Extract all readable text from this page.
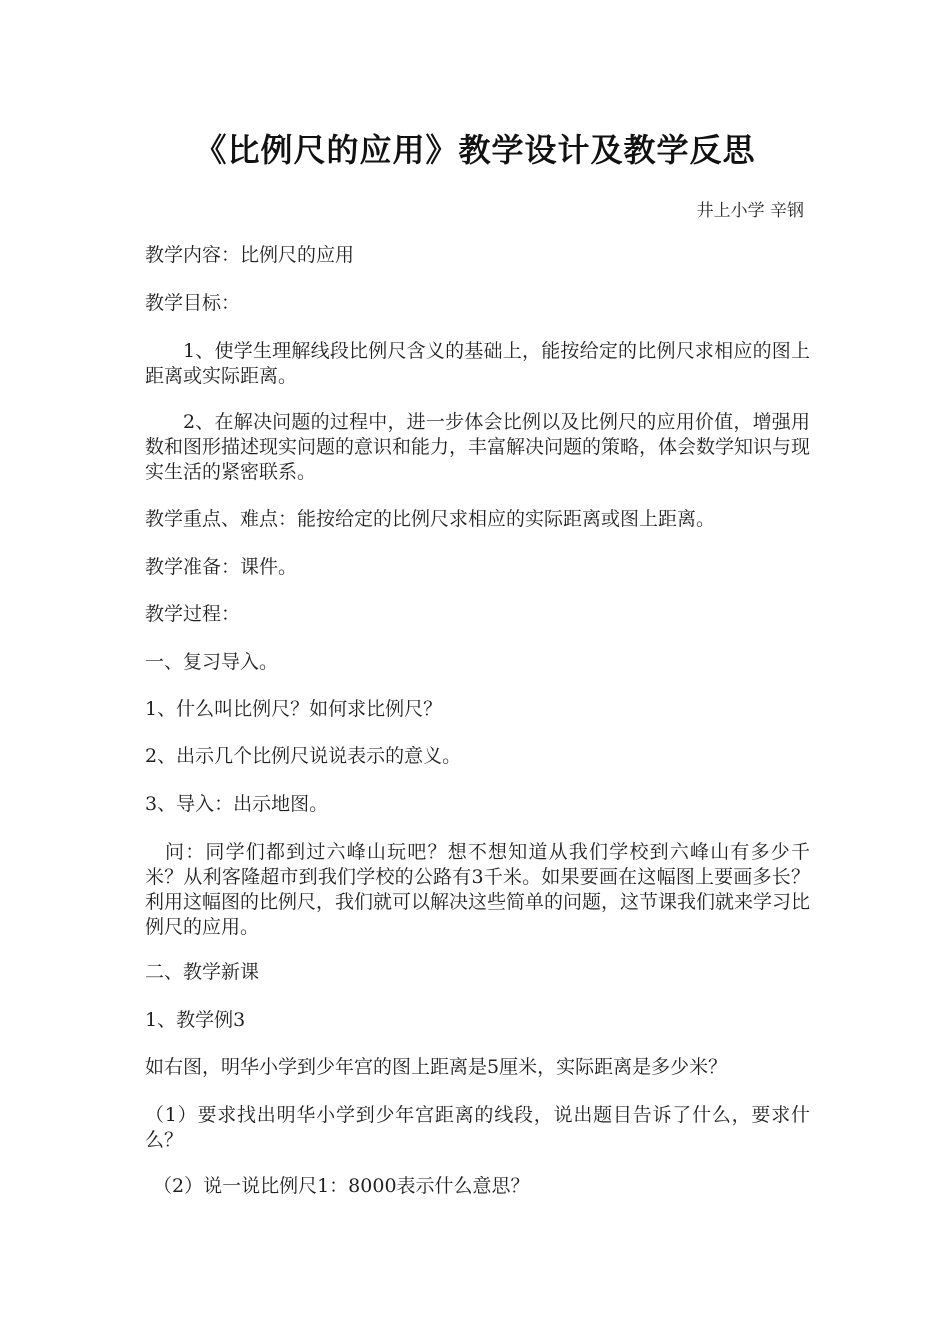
《比例尺的应用》教学设计及教学反思
井上小学 辛钢

教学内容：比例尺的应用

教学目标：

1、使学生理解线段比例尺含义的基础上，能按给定的比例尺求相应的图上距离或实际距离。

2、在解决问题的过程中，进一步体会比例以及比例尺的应用价值，增强用数和图形描述现实问题的意识和能力，丰富解决问题的策略，体会数学知识与现实生活的紧密联系。

教学重点、难点：能按给定的比例尺求相应的实际距离或图上距离。

教学准备：课件。

教学过程：

一、复习导入。

1、什么叫比例尺？如何求比例尺？

2、出示几个比例尺说说表示的意义。

3、导入：出示地图。

问：同学们都到过六峰山玩吧？想不想知道从我们学校到六峰山有多少千米？从利客隆超市到我们学校的公路有3千米。如果要画在这幅图上要画多长？利用这幅图的比例尺，我们就可以解决这些简单的问题，这节课我们就来学习比例尺的应用。

二、教学新课

1、教学例3

如右图，明华小学到少年宫的图上距离是5厘米，实际距离是多少米？

（1）要求找出明华小学到少年宫距离的线段，说出题目告诉了什么，要求什么？

（2）说一说比例尺1：8000表示什么意思？
